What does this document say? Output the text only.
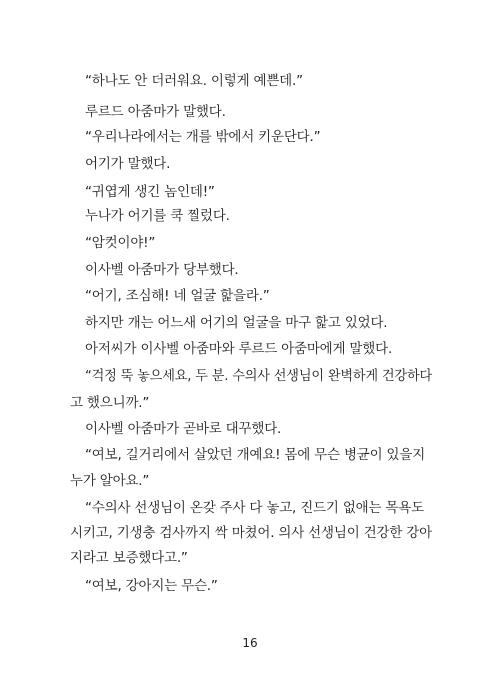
“하나도 안 더러워요. 이렇게 예쁜데.”
루르드 아줌마가 말했다.
“우리나라에서는 개를 밖에서 키운단다.”
어기가 말했다.
“귀엽게 생긴 놈인데!”
누나가 어기를 쿡 찔렀다.
“암컷이야!”
이사벨 아줌마가 당부했다.
“어기, 조심해! 네 얼굴 핥을라.”
하지만 개는 어느새 어기의 얼굴을 마구 핥고 있었다.
아저씨가 이사벨 아줌마와 루르드 아줌마에게 말했다.
“걱정 뚝 놓으세요, 두 분. 수의사 선생님이 완벽하게 건강하다
고 했으니까.”
이사벨 아줌마가 곧바로 대꾸했다.
“여보, 길거리에서 살았던 개예요! 몸에 무슨 병균이 있을지
누가 알아요.”
“수의사 선생님이 온갖 주사 다 놓고, 진드기 없애는 목욕도
시키고, 기생충 검사까지 싹 마쳤어. 의사 선생님이 건강한 강아
지라고 보증했다고.”
“여보, 강아지는 무슨.”
16
